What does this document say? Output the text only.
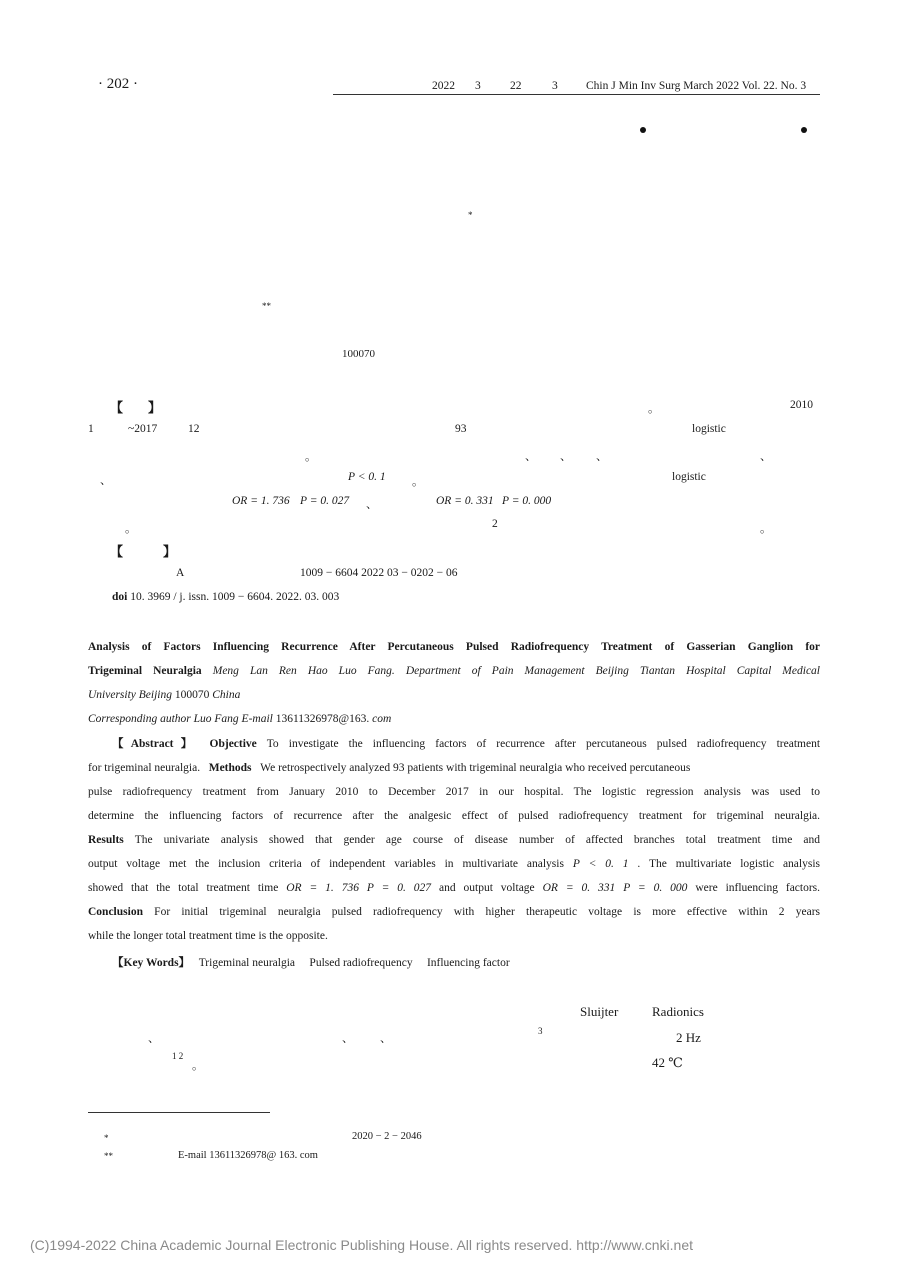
· 202 ·	2022 3	22	3 Chin J Min Inv Surg March 2022 Vol. 22. No. 3
*
**
100070
【 】	。	2010
1	~2017	12	93	logistic
。	、 、 、	、
、	P < 0. 1 。	logistic
OR = 1. 736 P = 0. 027 、	OR = 0. 331 P = 0. 000
。	2	。
【	】
A	1009 − 6604 2022 03 − 0202 − 06
doi 10. 3969 / j. issn. 1009 − 6604. 2022. 03. 003
Analysis of Factors Influencing Recurrence After Percutaneous Pulsed Radiofrequency Treatment of Gasserian Ganglion for
Trigeminal Neuralgia Meng Lan Ren Hao Luo Fang. Department of Pain Management Beijing Tiantan Hospital Capital Medical
University Beijing 100070 China
Corresponding author Luo Fang E-mail 13611326978@163. com
【Abstract】 Objective To investigate the influencing factors of recurrence after percutaneous pulsed radiofrequency treatment
for trigeminal neuralgia. Methods We retrospectively analyzed 93 patients with trigeminal neuralgia who received percutaneous
pulse radiofrequency treatment from January 2010 to December 2017 in our hospital. The logistic regression analysis was used to
determine the influencing factors of recurrence after the analgesic effect of pulsed radiofrequency treatment for trigeminal neuralgia.
Results The univariate analysis showed that gender age course of disease number of affected branches total treatment time and
output voltage met the inclusion criteria of independent variables in multivariate analysis P < 0. 1 . The multivariate logistic analysis
showed that the total treatment time OR = 1. 736 P = 0. 027 and output voltage OR = 0. 331 P = 0. 000 were influencing factors.
Conclusion For initial trigeminal neuralgia pulsed radiofrequency with higher therapeutic voltage is more effective within 2 years
while the longer total treatment time is the opposite.
【Key Words】 Trigeminal neuralgia Pulsed radiofrequency Influencing factor
Sluijter	Radionics
、	、 、
3	2 Hz
1 2
。	42 ℃
*	2020 − 2 − 2046
**	E-mail 13611326978@ 163. com
(C)1994-2022 China Academic Journal Electronic Publishing House. All rights reserved. http://www.cnki.net
